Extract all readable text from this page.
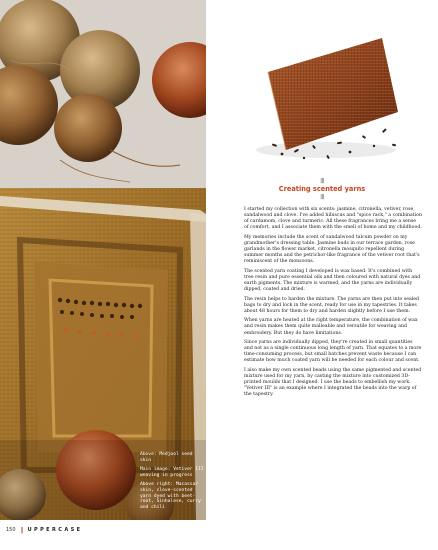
Above: Medjool seed skin

Main image: Vetiver III weaving in progress

Above right: Macassar skin, clove-scented yarn dyed with beet-root, Sinhalese, curry and chili

150 || UPPERCASE
|||
Creating scented yarns
|||

I started my collection with six scents: jasmine, citronella, vetiver, rose, sandalwood and clove. I've added hibiscus and "spice rack," a combination of cardamom, clove and turmeric. All these fragrances bring me a sense of comfort, and I associate them with the smell of home and my childhood.

My memories include the scent of sandalwood talcum powder on my grandmother's dressing table. Jasmine buds in our terrace garden, rose garlands in the flower market, citronella mosquito repellent during summer months and the petrichor-like fragrance of the vetiver root that's reminiscent of the monsoons.

The scented yarn coating I developed is wax based. It's combined with tree resin and pure essential oils and then coloured with natural dyes and earth pigments. The mixture is warmed, and the yarns are individually dipped, coated and dried.

The resin helps to harden the mixture. The yarns are then put into sealed bags to dry and lock in the scent, ready for use in my tapestries. It takes about 48 hours for them to dry and harden slightly before I use them.

When yarns are heated at the right temperature, the combination of wax and resin makes them quite malleable and versatile for weaving and embroidery. But they do have limitations.

Since yarns are individually dipped, they're created in small quantities and not as a single continuous long length of yarn. That equates to a more time-consuming process, but small batches prevent waste because I can estimate how much coated yarn will be needed for each colour and scent.

I also make my own scented beads using the same pigmented and scented mixture used for my yarn, by casting the mixture into customized 3D-printed moulds that I designed. I use the beads to embellish my work. "Vetiver III" is an example where I integrated the beads into the warp of the tapestry.
